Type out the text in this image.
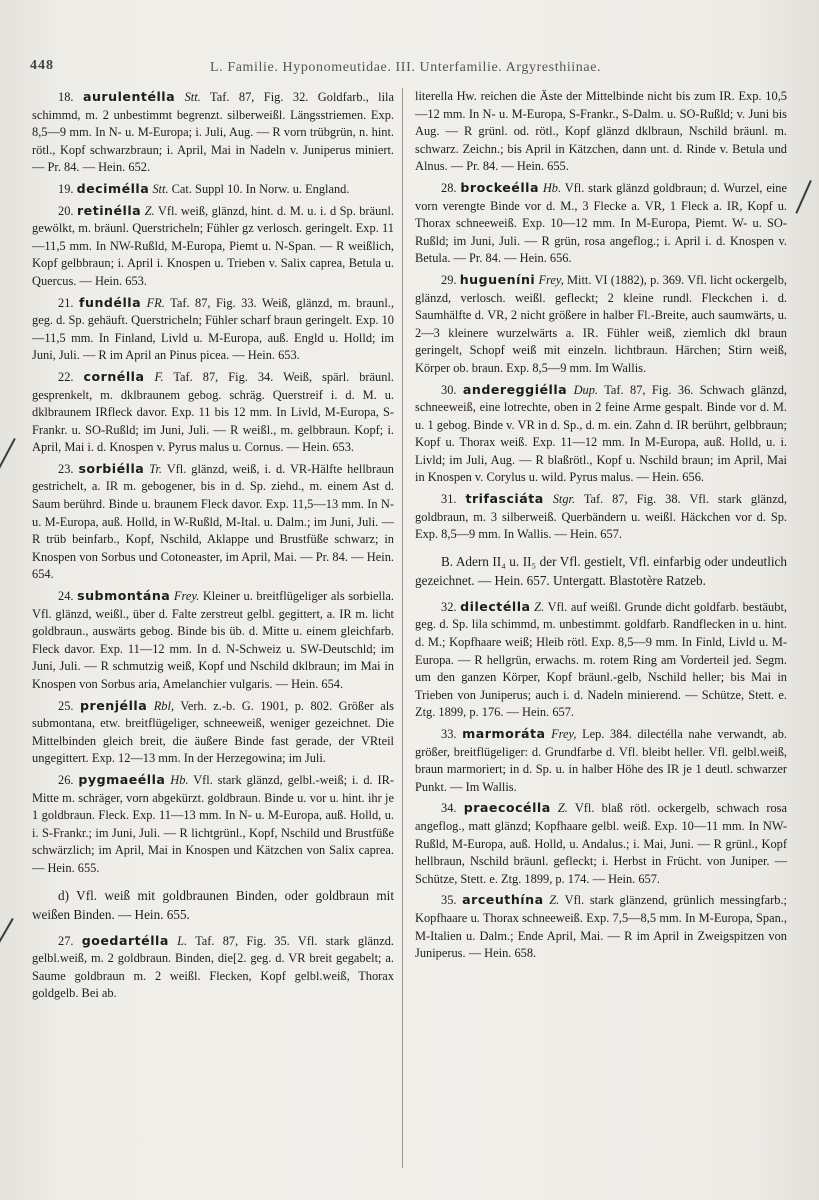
448	L. Familie. Hyponomeutidae. III. Unterfamilie. Argyresthiinae.

18. aurulentélla Stt. Taf. 87, Fig. 32. Goldfarb., lila schimmd, m. 2 unbestimmt begrenzt. silberweißl. Längsstriemen. Exp. 8,5—9 mm. In N- u. M-Europa; i. Juli, Aug. — R vorn trübgrün, n. hint. rötl., Kopf schwarzbraun; i. April, Mai in Nadeln v. Juniperus miniert. — Pr. 84. — Hein. 652.

19. deciméllа Stt. Cat. Suppl 10. In Norw. u. England.

20. retinélla Z. Vfl. weiß, glänzd, hint. d. M. u. i. d Sp. bräunl. gewölkt, m. bräunl. Querstricheln; Fühler gz verlosch. geringelt. Exp. 11—11,5 mm. In NW-Rußld, M-Europa, Piemt u. N-Span. — R weißlich, Kopf gelbbraun; i. April i. Knospen u. Trieben v. Salix caprea, Betula u. Quercus. — Hein. 653.

21. fundélla FR. Taf. 87, Fig. 33. Weiß, glänzd, m. braunl., geg. d. Sp. gehäuft. Querstricheln; Fühler scharf braun geringelt. Exp. 10—11,5 mm. In Finland, Livld u. M-Europa, auß. Engld u. Holld; im Juni, Juli. — R im April an Pinus picea. — Hein. 653.

22. cornélla F. Taf. 87, Fig. 34. Weiß, spärl. bräunl. gesprenkelt, m. dklbraunem gebog. schräg. Querstreif i. d. M. u. dklbraunem IRfleck davor. Exp. 11 bis 12 mm. In Livld, M-Europa, S-Frankr. u. SO-Rußld; im Juni, Juli. — R weißl., m. gelbbraun. Kopf; i. April, Mai i. d. Knospen v. Pyrus malus u. Cornus. — Hein. 653.

23. sorbiélla Tr. Vfl. glänzd, weiß, i. d. VR-Hälfte hellbraun gestrichelt, a. IR m. gebogener, bis in d. Sp. ziehd., m. einem Ast d. Saum berührd. Binde u. braunem Fleck davor. Exp. 11,5—13 mm. In N- u. M-Europa, auß. Holld, in W-Rußld, M-Ital. u. Dalm.; im Juni, Juli. — R trüb beinfarb., Kopf, Nschild, Aklappe und Brustfüße schwarz; in Knospen von Sorbus und Cotoneaster, im April, Mai. — Pr. 84. — Hein. 654.

24. submontána Frey. Kleiner u. breitflügeliger als sorbiella. Vfl. glänzd, weißl., über d. Falte zerstreut gelbl. gegittert, a. IR m. licht goldbraun., auswärts gebog. Binde bis üb. d. Mitte u. einem gleichfarb. Fleck davor. Exp. 11—12 mm. In d. N-Schweiz u. SW-Deutschld; im Juni, Juli. — R schmutzig weiß, Kopf und Nschild dklbraun; im Mai in Knospen von Sorbus aria, Amelanchier vulgaris. — Hein. 654.

25. prenjélla Rbl, Verh. z.-b. G. 1901, p. 802. Größer als submontana, etw. breitflügeliger, schneeweiß, weniger gezeichnet. Die Mittelbinden gleich breit, die äußere Binde fast gerade, der VRteil ungegittert. Exp. 12—13 mm. In der Herzegowina; im Juli.

26. pygmaeélla Hb. Vfl. stark glänzd, gelbl.-weiß; i. d. IR-Mitte m. schräger, vorn abgekürzt. goldbraun. Binde u. vor u. hint. ihr je 1 goldbraun. Fleck. Exp. 11—13 mm. In N- u. M-Europa, auß. Holld, u. i. S-Frankr.; im Juni, Juli. — R lichtgrünl., Kopf, Nschild und Brustfüße schwärzlich; im April, Mai in Knospen und Kätzchen von Salix caprea. — Hein. 655.

d) Vfl. weiß mit goldbraunen Binden, oder goldbraun mit weißen Binden. — Hein. 655.

27. goedartélla L. Taf. 87, Fig. 35. Vfl. stark glänzd. gelbl.weiß, m. 2 goldbraun. Binden, die[2. geg. d. VR breit gegabelt; a. Saume goldbraun m. 2 weißl. Flecken, Kopf gelbl.weiß, Thorax goldgelb. Bei ab.

literella Hw. reichen die Äste der Mittelbinde nicht bis zum IR. Exp. 10,5—12 mm. In N- u. M-Europa, S-Frankr., S-Dalm. u. SO-Rußld; v. Juni bis Aug. — R grünl. od. rötl., Kopf glänzd dklbraun, Nschild bräunl. m. schwarz. Zeichn.; bis April in Kätzchen, dann unt. d. Rinde v. Betula und Alnus. — Pr. 84. — Hein. 655.

28. brockeélla Hb. Vfl. stark glänzd goldbraun; d. Wurzel, eine vorn verengte Binde vor d. M., 3 Flecke a. VR, 1 Fleck a. IR, Kopf u. Thorax schneeweiß. Exp. 10—12 mm. In M-Europa, Piemt. W- u. SO-Rußld; im Juni, Juli. — R grün, rosa angeflog.; i. April i. d. Knospen v. Betula. — Pr. 84. — Hein. 656.

29. hugueníni Frey, Mitt. VI (1882), p. 369. Vfl. licht ockergelb, glänzd, verlosch. weißl. gefleckt; 2 kleine rundl. Fleckchen i. d. Saumhälfte d. VR, 2 nicht größere in halber Fl.-Breite, auch saumwärts, u. 2—3 kleinere wurzelwärts a. IR. Fühler weiß, ziemlich dkl braun geringelt, Schopf weiß mit einzeln. lichtbraun. Härchen; Stirn weiß, Körper ob. braun. Exp. 8,5—9 mm. Im Wallis.

30. andereggiélla Dup. Taf. 87, Fig. 36. Schwach glänzd, schneeweiß, eine lotrechte, oben in 2 feine Arme gespalt. Binde vor d. M. u. 1 gebog. Binde v. VR in d. Sp., d. m. ein. Zahn d. IR berührt, gelbbraun; Kopf u. Thorax weiß. Exp. 11—12 mm. In M-Europa, auß. Holld, u. i. Livld; im Juli, Aug. — R blaßrötl., Kopf u. Nschild braun; im April, Mai in Knospen v. Corylus u. wild. Pyrus malus. — Hein. 656.

31. trifasciáta Stgr. Taf. 87, Fig. 38. Vfl. stark glänzd, goldbraun, m. 3 silberweiß. Querbändern u. weißl. Häckchen vor d. Sp. Exp. 8,5—9 mm. In Wallis. — Hein. 657.

B. Adern II₄ u. II₅ der Vfl. gestielt, Vfl. einfarbig oder undeutlich gezeichnet. — Hein. 657. Untergatt. Blastotère Ratzeb.

32. dilectélla Z. Vfl. auf weißl. Grunde dicht goldfarb. bestäubt, geg. d. Sp. lila schimmd, m. unbestimmt. goldfarb. Randflecken in u. hint. d. M.; Kopfhaare weiß; Hleib rötl. Exp. 8,5—9 mm. In Finld, Livld u. M-Europa. — R hellgrün, erwachs. m. rotem Ring am Vorderteil jed. Segm. um den ganzen Körper, Kopf bräunl.-gelb, Nschild heller; bis Mai in Trieben von Juniperus; auch i. d. Nadeln minierend. — Schütze, Stett. e. Ztg. 1899, p. 176. — Hein. 657.

33. marmoráta Frey, Lep. 384. dilectélla nahe verwandt, ab. größer, breitflügeliger: d. Grundfarbe d. Vfl. bleibt heller. Vfl. gelbl.weiß, braun marmoriert; in d. Sp. u. in halber Höhe des IR je 1 deutl. schwarzer Punkt. — Im Wallis.

34. praecocélla Z. Vfl. blaß rötl. ockergelb, schwach rosa angeflog., matt glänzd; Kopfhaare gelbl. weiß. Exp. 10—11 mm. In NW-Rußld, M-Europa, auß. Holld, u. Andalus.; i. Mai, Juni. — R grünl., Kopf hellbraun, Nschild bräunl. gefleckt; i. Herbst in Frücht. von Juniper. — Schütze, Stett. e. Ztg. 1899, p. 174. — Hein. 657.

35. arceuthína Z. Vfl. stark glänzend, grünlich messingfarb.; Kopfhaare u. Thorax schneeweiß. Exp. 7,5—8,5 mm. In M-Europa, Span., M-Italien u. Dalm.; Ende April, Mai. — R im April in Zweigspitzen von Juniperus. — Hein. 658.
